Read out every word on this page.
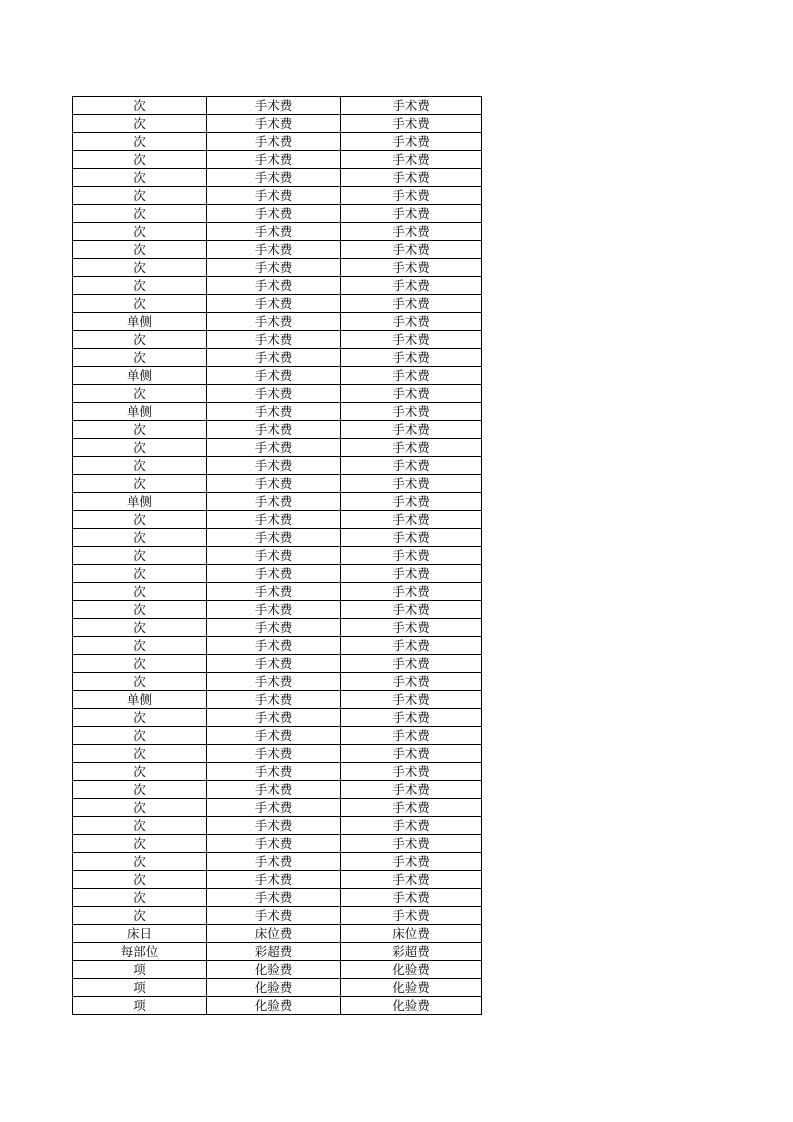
次	手术费	手术费
次	手术费	手术费
次	手术费	手术费
次	手术费	手术费
次	手术费	手术费
次	手术费	手术费
次	手术费	手术费
次	手术费	手术费
次	手术费	手术费
次	手术费	手术费
次	手术费	手术费
次	手术费	手术费
单侧	手术费	手术费
次	手术费	手术费
次	手术费	手术费
单侧	手术费	手术费
次	手术费	手术费
单侧	手术费	手术费
次	手术费	手术费
次	手术费	手术费
次	手术费	手术费
次	手术费	手术费
单侧	手术费	手术费
次	手术费	手术费
次	手术费	手术费
次	手术费	手术费
次	手术费	手术费
次	手术费	手术费
次	手术费	手术费
次	手术费	手术费
次	手术费	手术费
次	手术费	手术费
次	手术费	手术费
单侧	手术费	手术费
次	手术费	手术费
次	手术费	手术费
次	手术费	手术费
次	手术费	手术费
次	手术费	手术费
次	手术费	手术费
次	手术费	手术费
次	手术费	手术费
次	手术费	手术费
次	手术费	手术费
次	手术费	手术费
次	手术费	手术费
床日	床位费	床位费
每部位	彩超费	彩超费
项	化验费	化验费
项	化验费	化验费
项	化验费	化验费
